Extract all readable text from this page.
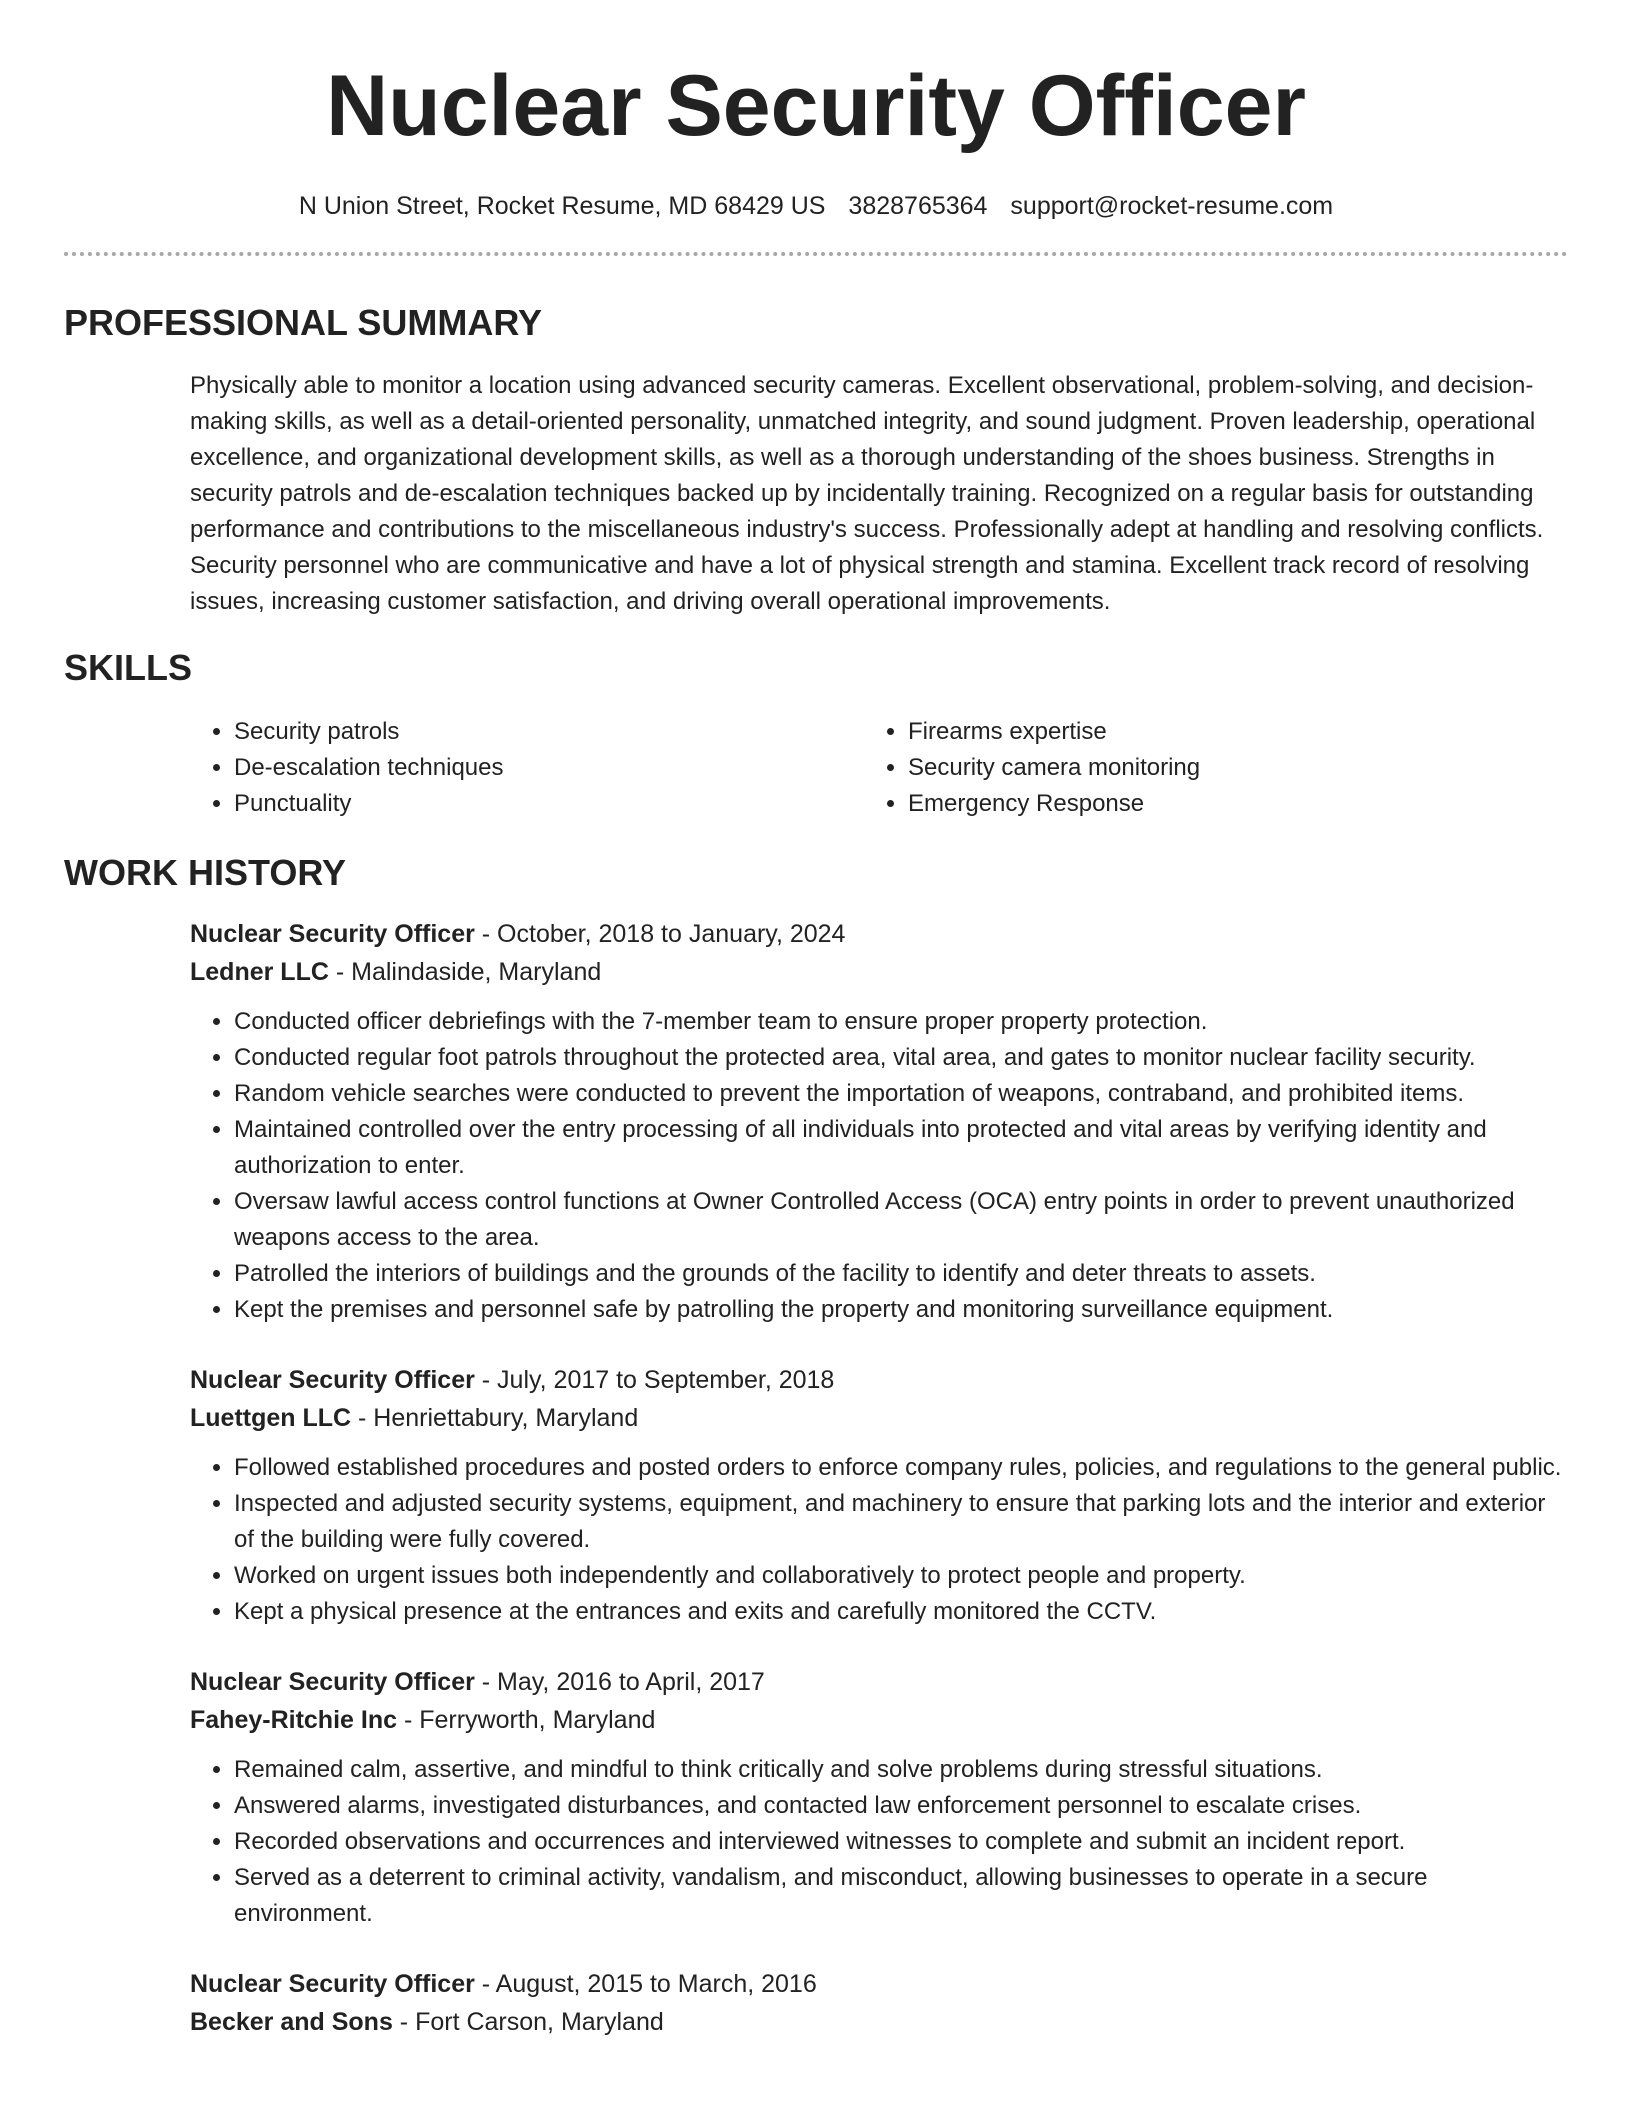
Nuclear Security Officer
N Union Street, Rocket Resume, MD 68429 US 3828765364 support@rocket-resume.com
PROFESSIONAL SUMMARY

Physically able to monitor a location using advanced security cameras. Excellent observational, problem-solving, and decision-making skills, as well as a detail-oriented personality, unmatched integrity, and sound judgment. Proven leadership, operational excellence, and organizational development skills, as well as a thorough understanding of the shoes business. Strengths in security patrols and de-escalation techniques backed up by incidentally training. Recognized on a regular basis for outstanding performance and contributions to the miscellaneous industry's success. Professionally adept at handling and resolving conflicts. Security personnel who are communicative and have a lot of physical strength and stamina. Excellent track record of resolving issues, increasing customer satisfaction, and driving overall operational improvements.

SKILLS
• Security patrols
• De-escalation techniques
• Punctuality
• Firearms expertise
• Security camera monitoring
• Emergency Response
WORK HISTORY
Nuclear Security Officer - October, 2018 to January, 2024
Ledner LLC - Malindaside, Maryland
• Conducted officer debriefings with the 7-member team to ensure proper property protection.
• Conducted regular foot patrols throughout the protected area, vital area, and gates to monitor nuclear facility security.
• Random vehicle searches were conducted to prevent the importation of weapons, contraband, and prohibited items.
• Maintained controlled over the entry processing of all individuals into protected and vital areas by verifying identity and authorization to enter.
• Oversaw lawful access control functions at Owner Controlled Access (OCA) entry points in order to prevent unauthorized weapons access to the area.
• Patrolled the interiors of buildings and the grounds of the facility to identify and deter threats to assets.
• Kept the premises and personnel safe by patrolling the property and monitoring surveillance equipment.
Nuclear Security Officer - July, 2017 to September, 2018
Luettgen LLC - Henriettabury, Maryland
• Followed established procedures and posted orders to enforce company rules, policies, and regulations to the general public.
• Inspected and adjusted security systems, equipment, and machinery to ensure that parking lots and the interior and exterior of the building were fully covered.
• Worked on urgent issues both independently and collaboratively to protect people and property.
• Kept a physical presence at the entrances and exits and carefully monitored the CCTV.
Nuclear Security Officer - May, 2016 to April, 2017
Fahey-Ritchie Inc - Ferryworth, Maryland
• Remained calm, assertive, and mindful to think critically and solve problems during stressful situations.
• Answered alarms, investigated disturbances, and contacted law enforcement personnel to escalate crises.
• Recorded observations and occurrences and interviewed witnesses to complete and submit an incident report.
• Served as a deterrent to criminal activity, vandalism, and misconduct, allowing businesses to operate in a secure environment.
Nuclear Security Officer - August, 2015 to March, 2016
Becker and Sons - Fort Carson, Maryland
